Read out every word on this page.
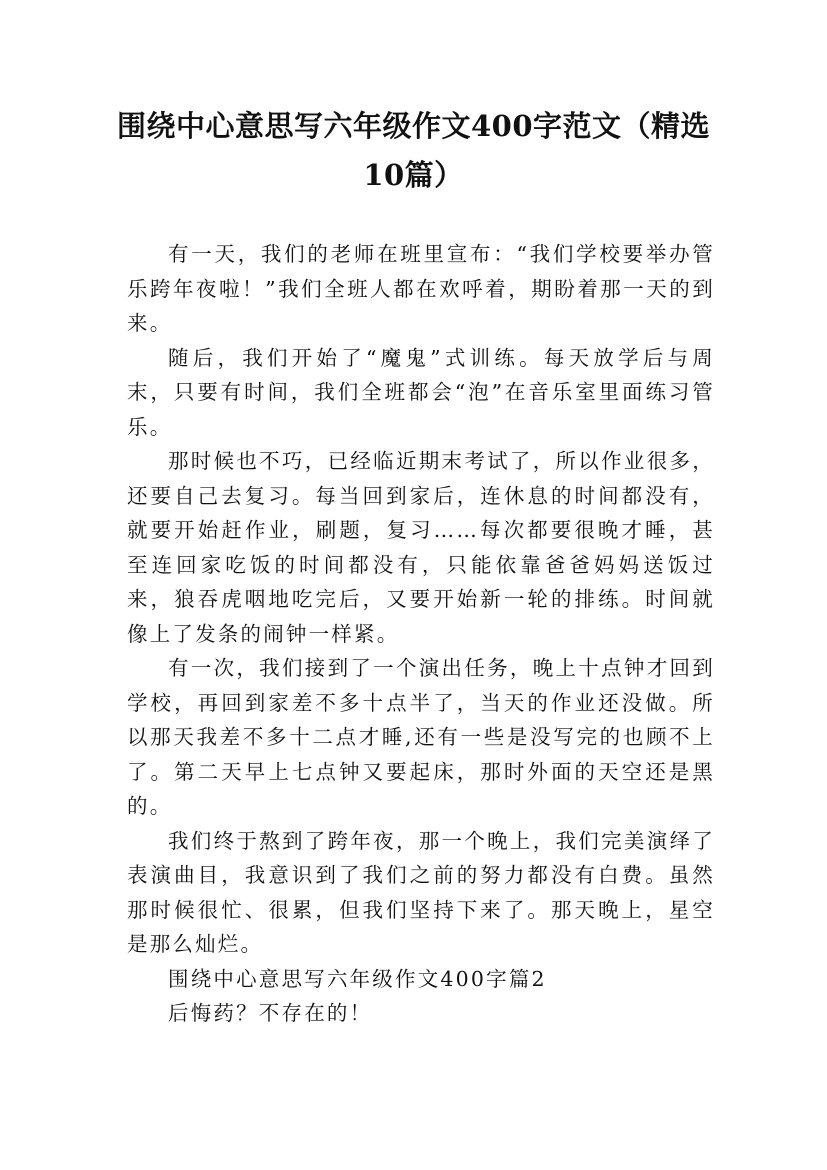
围绕中心意思写六年级作文400字范文（精选10篇）

有一天，我们的老师在班里宣布：“我们学校要举办管乐跨年夜啦！”我们全班人都在欢呼着，期盼着那一天的到来。

随后，我们开始了“魔鬼”式训练。每天放学后与周末，只要有时间，我们全班都会“泡”在音乐室里面练习管乐。

那时候也不巧，已经临近期末考试了，所以作业很多，还要自己去复习。每当回到家后，连休息的时间都没有，就要开始赶作业，刷题，复习……每次都要很晚才睡，甚至连回家吃饭的时间都没有，只能依靠爸爸妈妈送饭过来，狼吞虎咽地吃完后，又要开始新一轮的排练。时间就像上了发条的闹钟一样紧。

有一次，我们接到了一个演出任务，晚上十点钟才回到学校，再回到家差不多十点半了，当天的作业还没做。所以那天我差不多十二点才睡,还有一些是没写完的也顾不上了。第二天早上七点钟又要起床，那时外面的天空还是黑的。

我们终于熬到了跨年夜，那一个晚上，我们完美演绎了表演曲目，我意识到了我们之前的努力都没有白费。虽然那时候很忙、很累，但我们坚持下来了。那天晚上，星空是那么灿烂。

围绕中心意思写六年级作文400字篇2

后悔药？不存在的！
